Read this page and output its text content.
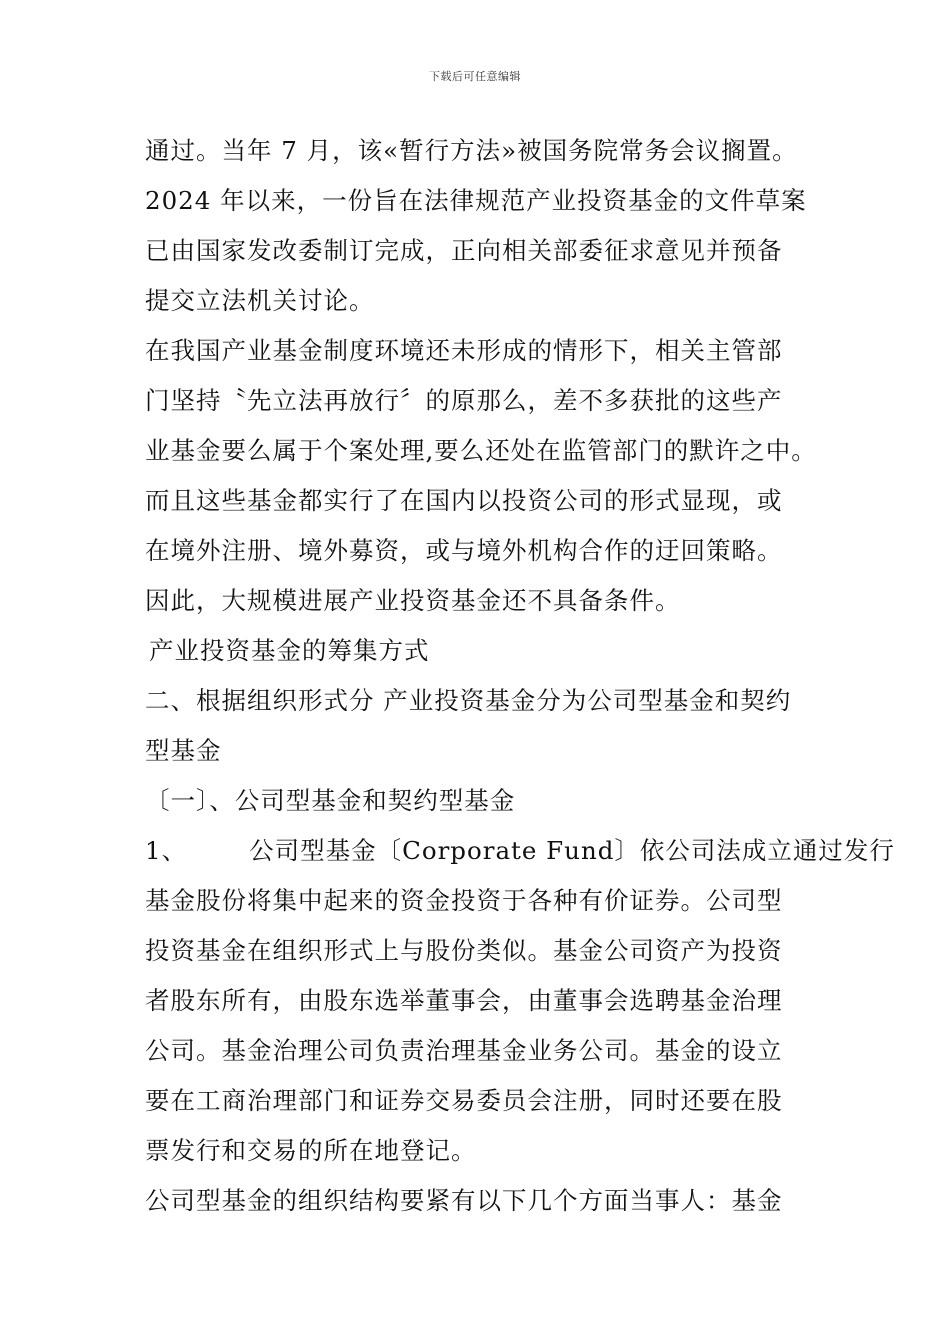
下载后可任意编辑
通过。当年 7 月，该«暂行方法»被国务院常务会议搁置。
2024 年以来，一份旨在法律规范产业投资基金的文件草案
已由国家发改委制订完成，正向相关部委征求意见并预备
提交立法机关讨论。
在我国产业基金制度环境还未形成的情形下，相关主管部
门坚持〝先立法再放行〞的原那么，差不多获批的这些产
业基金要么属于个案处理,要么还处在监管部门的默许之中。
而且这些基金都实行了在国内以投资公司的形式显现，或
在境外注册、境外募资，或与境外机构合作的迂回策略。
因此，大规模进展产业投资基金还不具备条件。
产业投资基金的筹集方式
二、根据组织形式分 产业投资基金分为公司型基金和契约
型基金
〔一〕、公司型基金和契约型基金
1、	公司型基金〔Corporate Fund〕依公司法成立通过发行
基金股份将集中起来的资金投资于各种有价证券。公司型
投资基金在组织形式上与股份类似。基金公司资产为投资
者股东所有，由股东选举董事会，由董事会选聘基金治理
公司。基金治理公司负责治理基金业务公司。基金的设立
要在工商治理部门和证券交易委员会注册，同时还要在股
票发行和交易的所在地登记。
公司型基金的组织结构要紧有以下几个方面当事人：基金
